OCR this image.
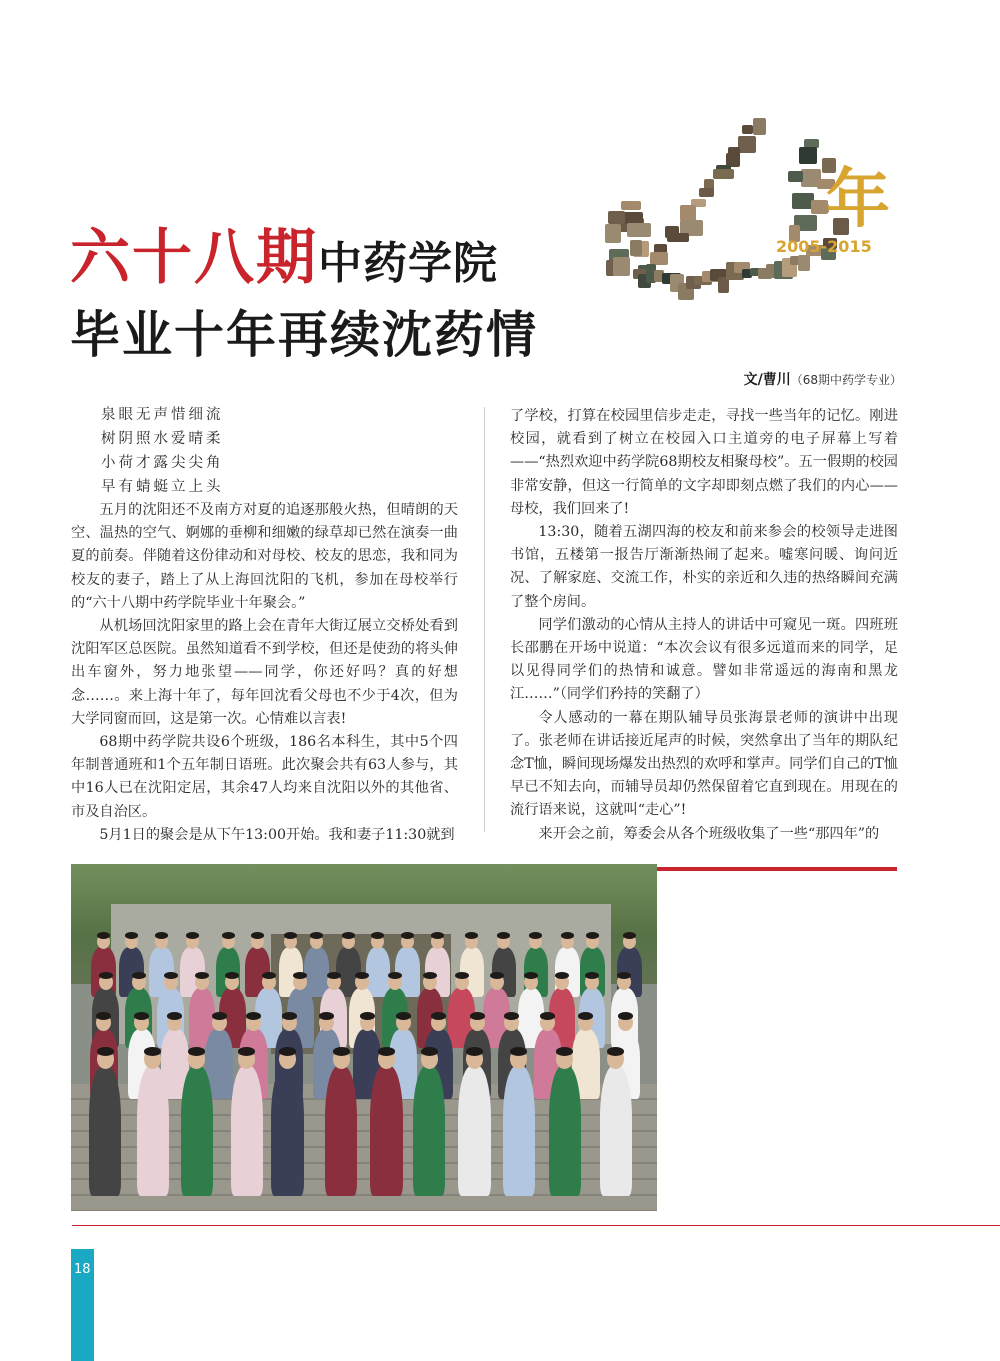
六十八期中药学院
毕业十年再续沈药情
年
2005-2015
文/曹川（68期中药学专业）
泉眼无声惜细流
树阴照水爱晴柔
小荷才露尖尖角
早有蜻蜓立上头

五月的沈阳还不及南方对夏的追逐那般火热，但晴朗的天空、温热的空气、婀娜的垂柳和细嫩的绿草却已然在演奏一曲夏的前奏。伴随着这份律动和对母校、校友的思恋，我和同为校友的妻子，踏上了从上海回沈阳的飞机，参加在母校举行的“六十八期中药学院毕业十年聚会。”

从机场回沈阳家里的路上会在青年大街辽展立交桥处看到沈阳军区总医院。虽然知道看不到学校，但还是使劲的将头伸出车窗外，努力地张望——同学，你还好吗？真的好想念……。来上海十年了，每年回沈看父母也不少于4次，但为大学同窗而回，这是第一次。心情难以言表!

68期中药学院共设6个班级，186名本科生，其中5个四年制普通班和1个五年制日语班。此次聚会共有63人参与，其中16人已在沈阳定居，其余47人均来自沈阳以外的其他省、市及自治区。

5月1日的聚会是从下午13:00开始。我和妻子11:30就到

了学校，打算在校园里信步走走，寻找一些当年的记忆。刚进校园，就看到了树立在校园入口主道旁的电子屏幕上写着——“热烈欢迎中药学院68期校友相聚母校”。五一假期的校园非常安静，但这一行简单的文字却即刻点燃了我们的内心——母校，我们回来了!

13:30，随着五湖四海的校友和前来参会的校领导走进图书馆，五楼第一报告厅渐渐热闹了起来。嘘寒问暖、询问近况、了解家庭、交流工作，朴实的亲近和久违的热络瞬间充满了整个房间。

同学们激动的心情从主持人的讲话中可窥见一斑。四班班长邵鹏在开场中说道：“本次会议有很多远道而来的同学，足以见得同学们的热情和诚意。譬如非常遥远的海南和黑龙江……”（同学们矜持的笑翻了）

令人感动的一幕在期队辅导员张海景老师的演讲中出现了。张老师在讲话接近尾声的时候，突然拿出了当年的期队纪念T恤，瞬间现场爆发出热烈的欢呼和掌声。同学们自己的T恤早已不知去向，而辅导员却仍然保留着它直到现在。用现在的流行语来说，这就叫“走心”!

来开会之前，筹委会从各个班级收集了一些“那四年”的

18
